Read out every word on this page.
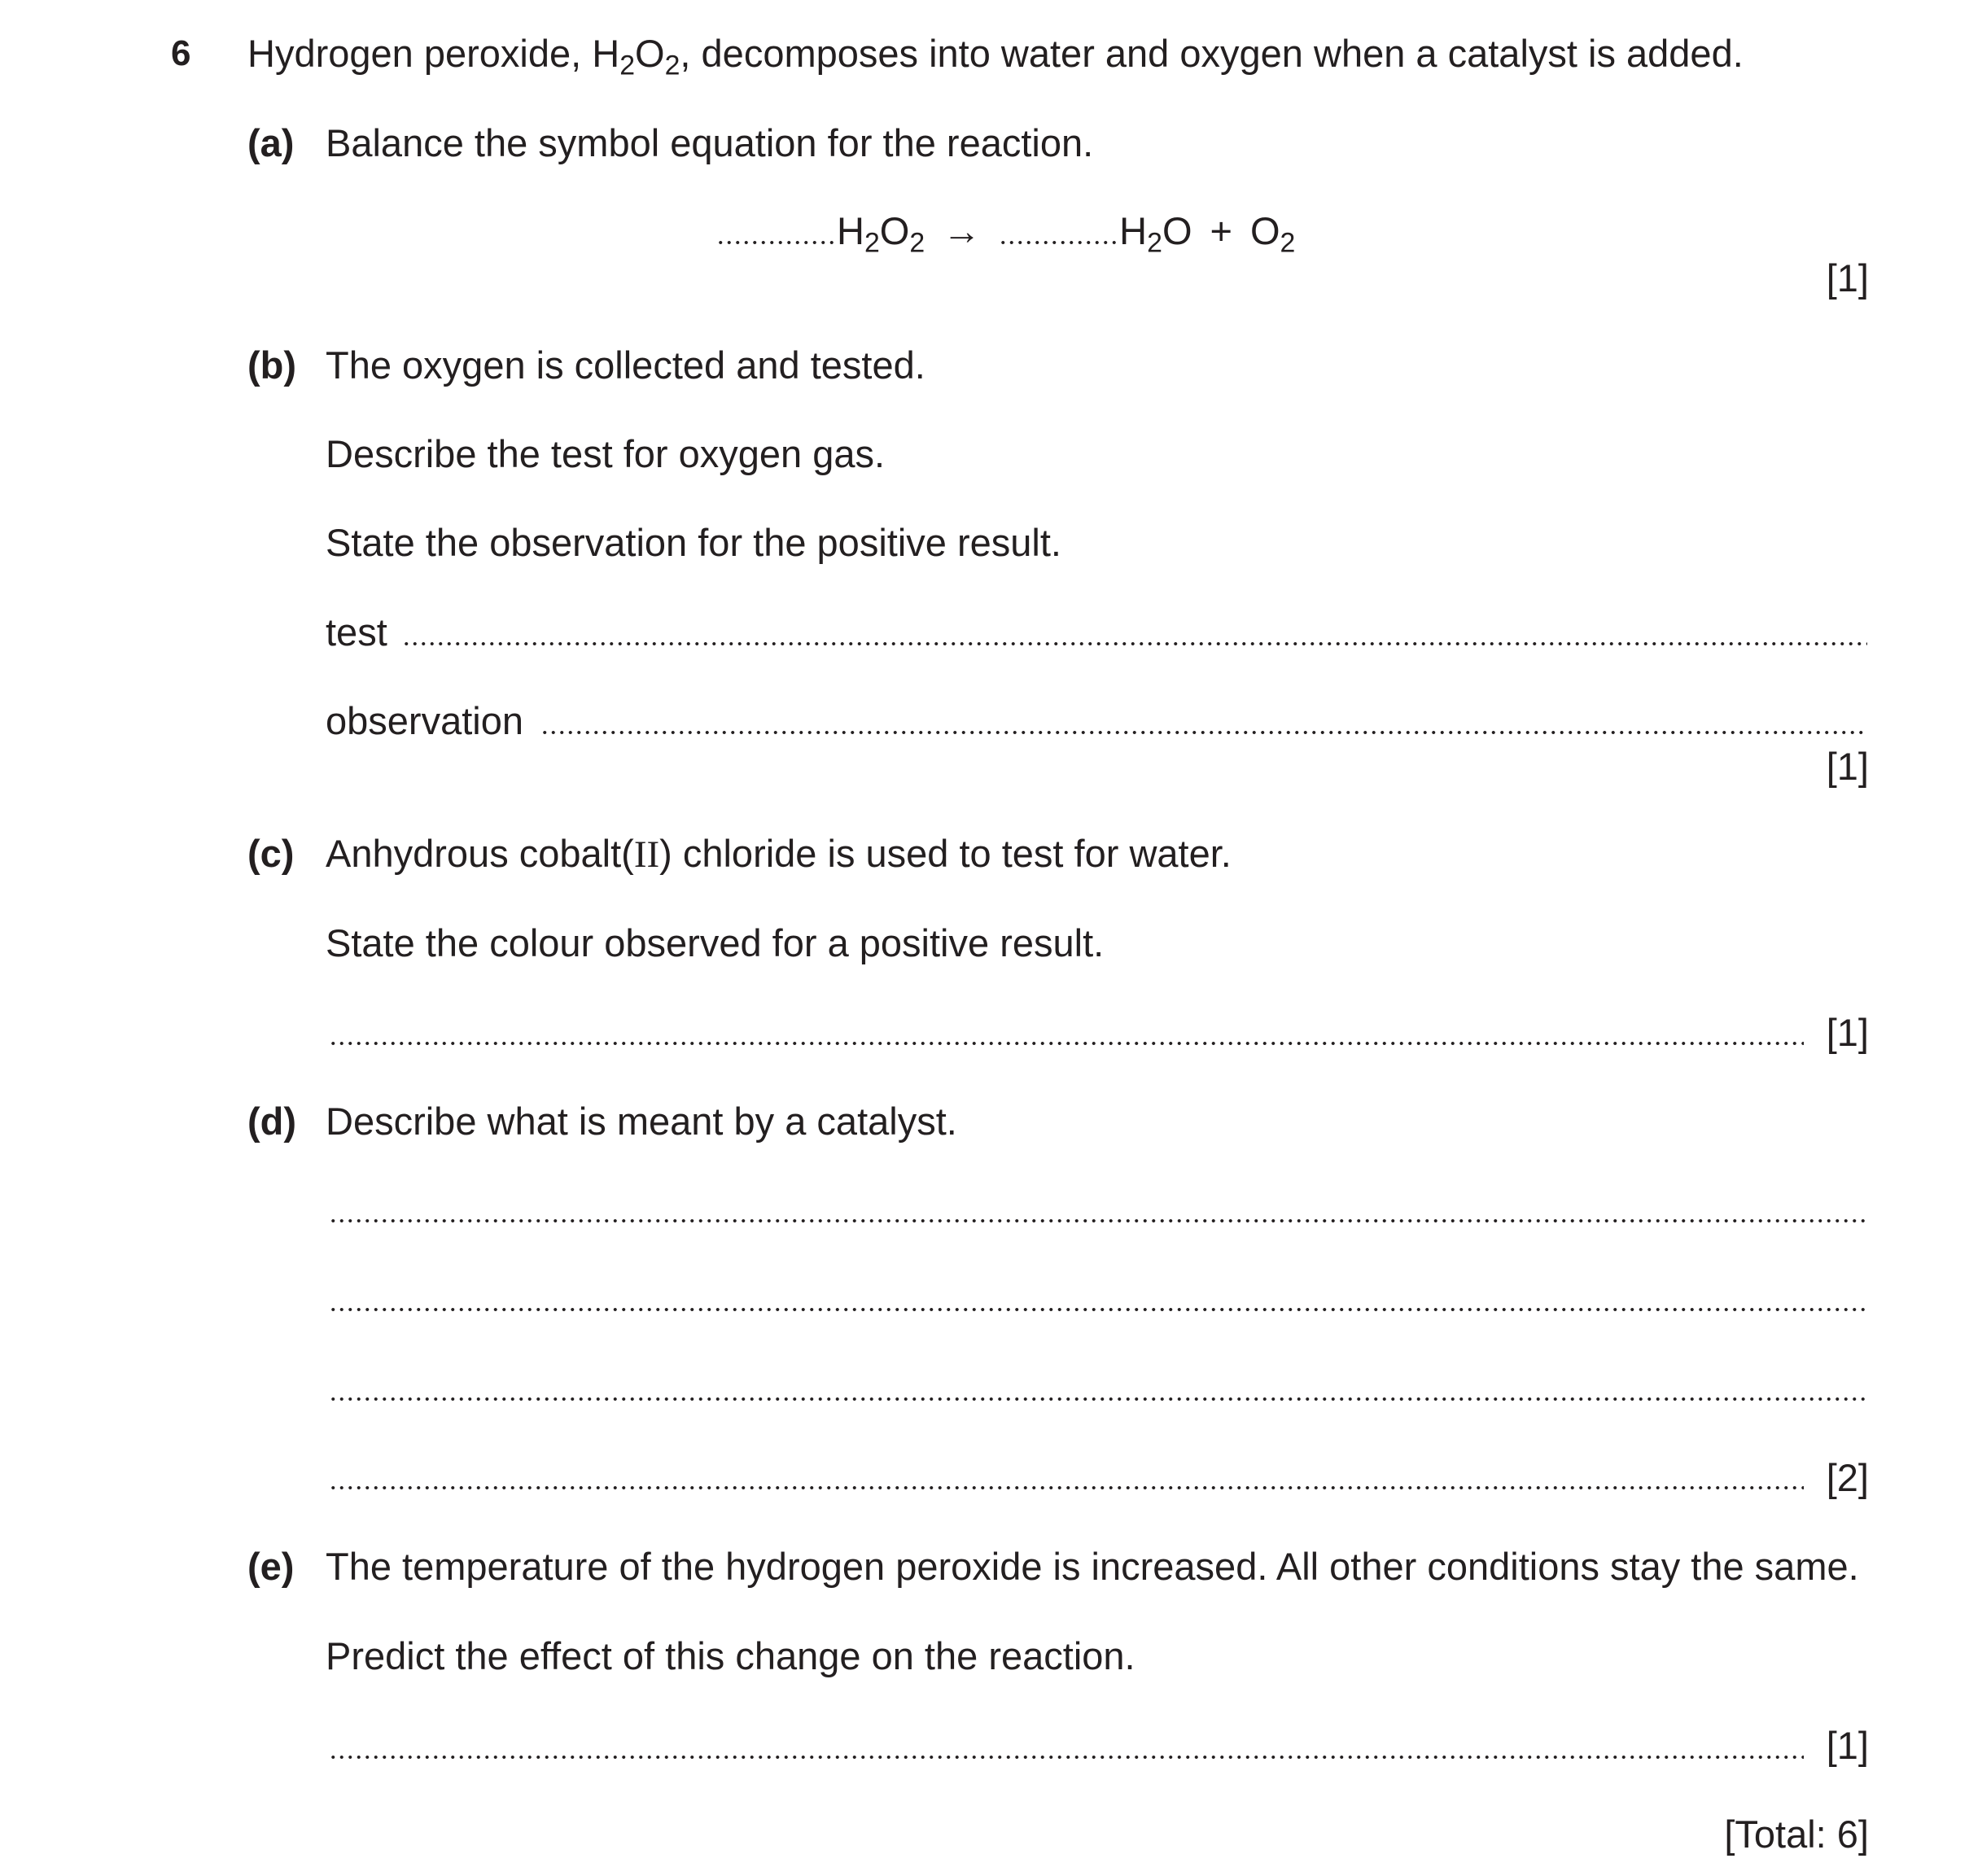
6 Hydrogen peroxide, $H_2O_2$, decomposes into water and oxygen when a catalyst is added.
(a) Balance the symbol equation for the reaction.
$H_2O_2$ →	$H_2O + O_2$
[1]
(b) The oxygen is collected and tested.
Describe the test for oxygen gas.
State the observation for the positive result.
test
observation
[1]
(c) Anhydrous cobalt(II) chloride is used to test for water.
State the colour observed for a positive result.
[1]
(d) Describe what is meant by a catalyst.
[2]
(e) The temperature of the hydrogen peroxide is increased. All other conditions stay the same.
Predict the effect of this change on the reaction.
[1]
[Total: 6]
